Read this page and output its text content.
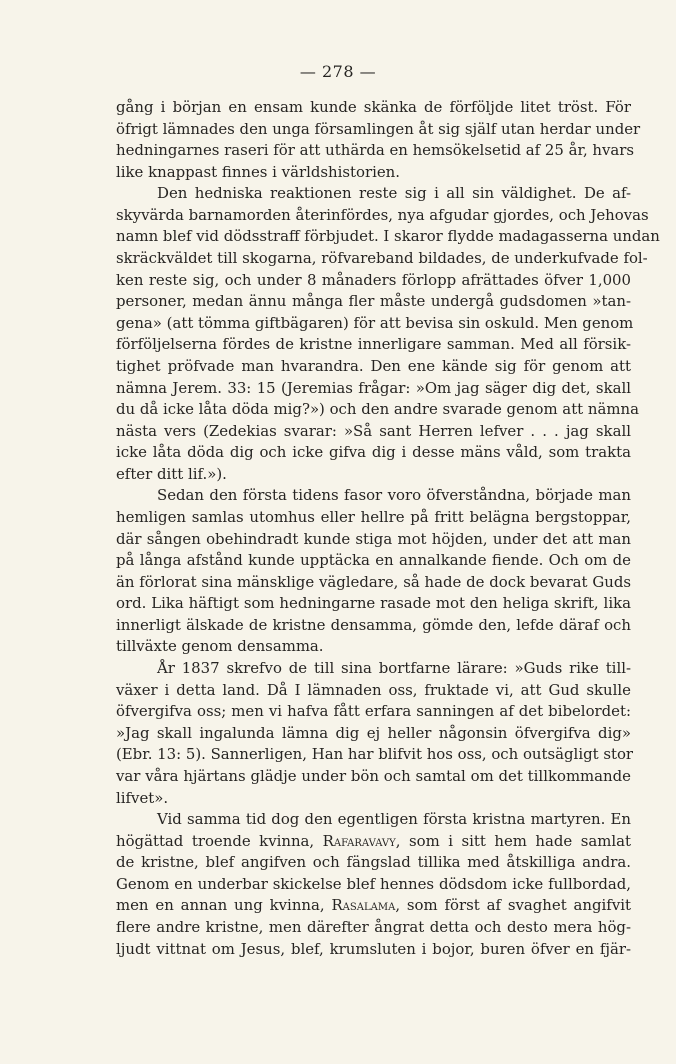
— 278 —
gång i början en ensam kunde skänka de förföljde litet tröst. För
öfrigt lämnades den unga församlingen åt sig själf utan herdar under
hedningarnes raseri för att uthärda en hemsökelsetid af 25 år, hvars
like knappast finnes i världshistorien.
Den hedniska reaktionen reste sig i all sin väldighet. De af-
skyvärda barnamorden återinfördes, nya afgudar gjordes, och Jehovas
namn blef vid dödsstraff förbjudet. I skaror flydde madagasserna undan
skräckväldet till skogarna, röfvareband bildades, de underkufvade fol-
ken reste sig, och under 8 månaders förlopp afrättades öfver 1,000
personer, medan ännu många fler måste undergå gudsdomen »tan-
gena» (att tömma giftbägaren) för att bevisa sin oskuld. Men genom
förföljelserna fördes de kristne innerligare samman. Med all försik-
tighet pröfvade man hvarandra. Den ene kände sig för genom att
nämna Jerem. 33: 15 (Jeremias frågar: »Om jag säger dig det, skall
du då icke låta döda mig?») och den andre svarade genom att nämna
nästa vers (Zedekias svarar: »Så sant Herren lefver . . . jag skall
icke låta döda dig och icke gifva dig i desse mäns våld, som trakta
efter ditt lif.»).
Sedan den första tidens fasor voro öfverståndna, började man
hemligen samlas utomhus eller hellre på fritt belägna bergstoppar,
där sången obehindradt kunde stiga mot höjden, under det att man
på långa afstånd kunde upptäcka en annalkande fiende. Och om de
än förlorat sina mänsklige vägledare, så hade de dock bevarat Guds
ord. Lika häftigt som hedningarne rasade mot den heliga skrift, lika
innerligt älskade de kristne densamma, gömde den, lefde däraf och
tillväxte genom densamma.
År 1837 skrefvo de till sina bortfarne lärare: »Guds rike till-
växer i detta land. Då I lämnaden oss, fruktade vi, att Gud skulle
öfvergifva oss; men vi hafva fått erfara sanningen af det bibelordet:
»Jag skall ingalunda lämna dig ej heller någonsin öfvergifva dig»
(Ebr. 13: 5). Sannerligen, Han har blifvit hos oss, och outsägligt stor
var våra hjärtans glädje under bön och samtal om det tillkommande
lifvet».
Vid samma tid dog den egentligen första kristna martyren. En
högättad troende kvinna, Rafaravavy, som i sitt hem hade samlat
de kristne, blef angifven och fängslad tillika med åtskilliga andra.
Genom en underbar skickelse blef hennes dödsdom icke fullbordad,
men en annan ung kvinna, Rasalama, som först af svaghet angifvit
flere andre kristne, men därefter ångrat detta och desto mera hög-
ljudt vittnat om Jesus, blef, krumsluten i bojor, buren öfver en fjär-
